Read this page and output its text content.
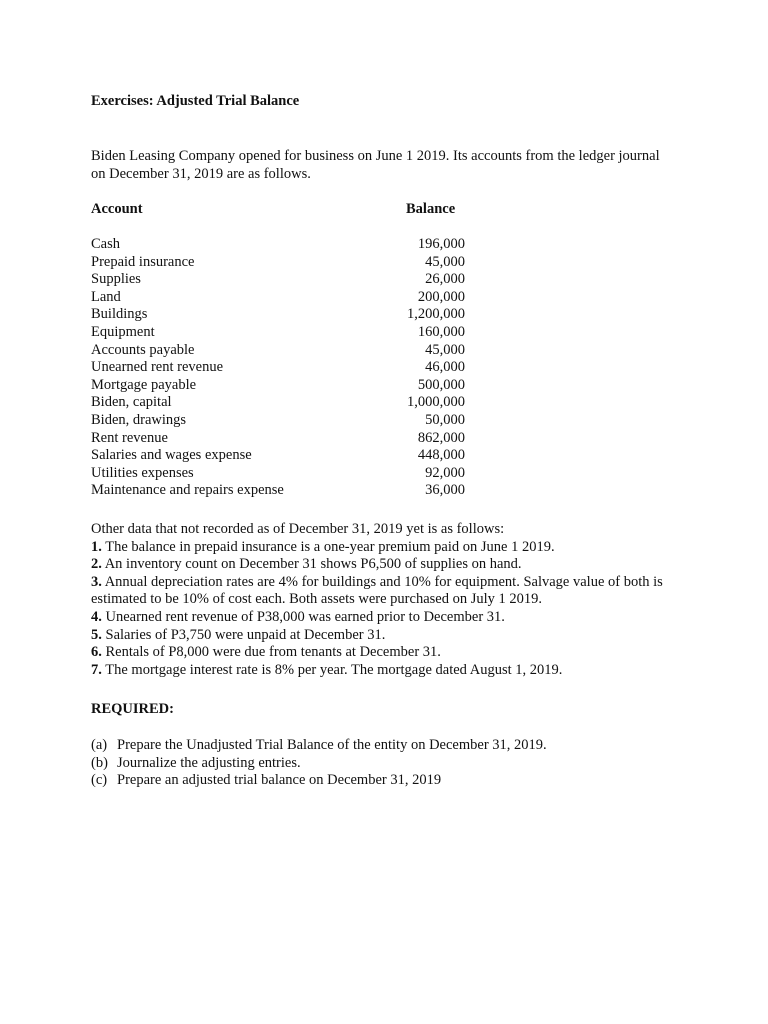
Exercises: Adjusted Trial Balance
Biden Leasing Company opened for business on June 1 2019. Its accounts from the ledger journal on December 31, 2019 are as follows.
Account	Balance
Cash	196,000
Prepaid insurance	45,000
Supplies	26,000
Land	200,000
Buildings	1,200,000
Equipment	160,000
Accounts payable	45,000
Unearned rent revenue	46,000
Mortgage payable	500,000
Biden, capital	1,000,000
Biden, drawings	50,000
Rent revenue	862,000
Salaries and wages expense	448,000
Utilities expenses	92,000
Maintenance and repairs expense	36,000

Other data that not recorded as of December 31, 2019 yet is as follows:

1. The balance in prepaid insurance is a one-year premium paid on June 1 2019.

2. An inventory count on December 31 shows P6,500 of supplies on hand.

3. Annual depreciation rates are 4% for buildings and 10% for equipment. Salvage value of both is estimated to be 10% of cost each. Both assets were purchased on July 1 2019.

4. Unearned rent revenue of P38,000 was earned prior to December 31.

5. Salaries of P3,750 were unpaid at December 31.

6. Rentals of P8,000 were due from tenants at December 31.

7. The mortgage interest rate is 8% per year. The mortgage dated August 1, 2019.

REQUIRED:
(a) Prepare the Unadjusted Trial Balance of the entity on December 31, 2019.
(b) Journalize the adjusting entries.
(c) Prepare an adjusted trial balance on December 31, 2019
